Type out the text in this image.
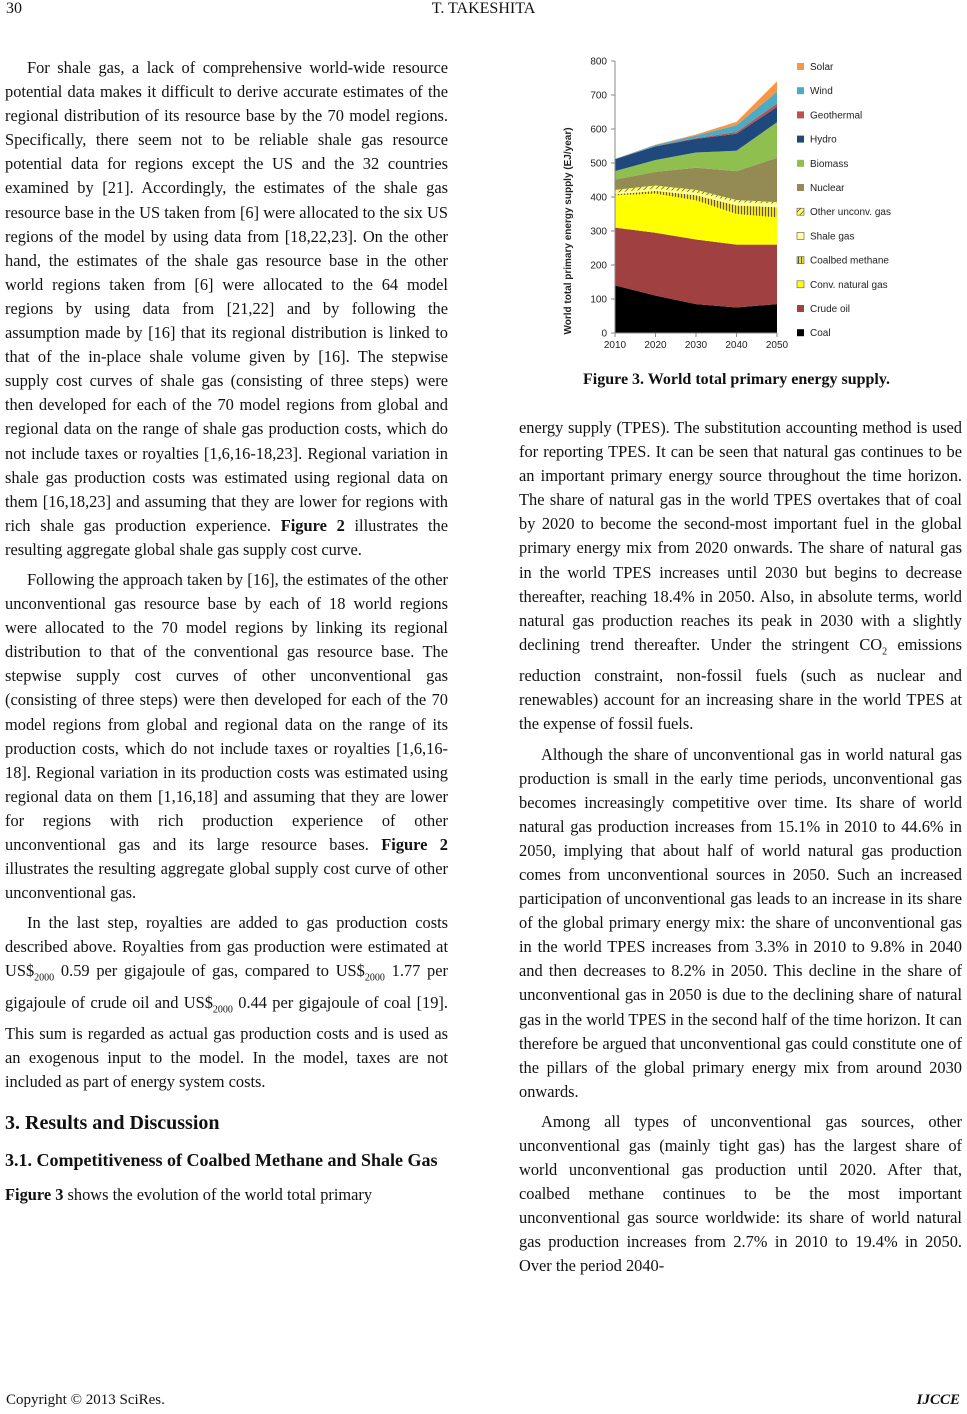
30	T. TAKESHITA

For shale gas, a lack of comprehensive world-wide resource potential data makes it difficult to derive accurate estimates of the regional distribution of its resource base by the 70 model regions. Specifically, there seem not to be reliable shale gas resource potential data for regions except the US and the 32 countries examined by [21]. Accordingly, the estimates of the shale gas resource base in the US taken from [6] were allocated to the six US regions of the model by using data from [18,22,23]. On the other hand, the estimates of the shale gas resource base in the other world regions taken from [6] were allocated to the 64 model regions by using data from [21,22] and by following the assumption made by [16] that its regional distribution is linked to that of the in-place shale volume given by [16]. The stepwise supply cost curves of shale gas (consisting of three steps) were then developed for each of the 70 model regions from global and regional data on the range of shale gas production costs, which do not include taxes or royalties [1,6,16-18,23]. Regional variation in shale gas production costs was estimated using regional data on them [16,18,23] and assuming that they are lower for regions with rich shale gas production experience. Figure 2 illustrates the resulting aggregate global shale gas supply cost curve.

Following the approach taken by [16], the estimates of the other unconventional gas resource base by each of 18 world regions were allocated to the 70 model regions by linking its regional distribution to that of the conventional gas resource base. The stepwise supply cost curves of other unconventional gas (consisting of three steps) were then developed for each of the 70 model regions from global and regional data on the range of its production costs, which do not include taxes or royalties [1,6,16-18]. Regional variation in its production costs was estimated using regional data on them [1,16,18] and assuming that they are lower for regions with rich production experience of other unconventional gas and its large resource bases. Figure 2 illustrates the resulting aggregate global supply cost curve of other unconventional gas.

In the last step, royalties are added to gas production costs described above. Royalties from gas production were estimated at $US\$_{2000}$ 0.59 per gigajoule of gas, compared to $US\$_{2000}$ 1.77 per gigajoule of crude oil and $US\$_{2000}$ 0.44 per gigajoule of coal [19]. This sum is regarded as actual gas production costs and is used as an exogenous input to the model. In the model, taxes are not included as part of energy system costs.

3. Results and Discussion
3.1. Competitiveness of Coalbed Methane and Shale Gas

Figure 3 shows the evolution of the world total primary

0
100
200
300
400
500
600
700
800
2010 2020 2030 2040 2050
Solar
Wind
Geothermal
Hydro
Biomass
Nuclear
Other unconv. gas
Shale gas
Coalbed methane
Conv. natural gas
Crude oil
Coal
World total primary energy supply (EJ/year)
Figure 3. World total primary energy supply.

energy supply (TPES). The substitution accounting method is used for reporting TPES. It can be seen that natural gas continues to be an important primary energy source throughout the time horizon. The share of natural gas in the world TPES overtakes that of coal by 2020 to become the second-most important fuel in the global primary energy mix from 2020 onwards. The share of natural gas in the world TPES increases until 2030 but begins to decrease thereafter, reaching 18.4% in 2050. Also, in absolute terms, world natural gas production reaches its peak in 2030 with a slightly declining trend thereafter. Under the stringent $CO_2$ emissions reduction constraint, non-fossil fuels (such as nuclear and renewables) account for an increasing share in the world TPES at the expense of fossil fuels.

Although the share of unconventional gas in world natural gas production is small in the early time periods, unconventional gas becomes increasingly competitive over time. Its share of world natural gas production increases from 15.1% in 2010 to 44.6% in 2050, implying that about half of world natural gas production comes from unconventional sources in 2050. Such an increased participation of unconventional gas leads to an increase in its share of the global primary energy mix: the share of unconventional gas in the world TPES increases from 3.3% in 2010 to 9.8% in 2040 and then decreases to 8.2% in 2050. This decline in the share of unconventional gas in 2050 is due to the declining share of natural gas in the world TPES in the second half of the time horizon. It can therefore be argued that unconventional gas could constitute one of the pillars of the global primary energy mix from around 2030 onwards.

Among all types of unconventional gas sources, other unconventional gas (mainly tight gas) has the largest share of world unconventional gas production until 2020. After that, coalbed methane continues to be the most important unconventional gas source worldwide: its share of world natural gas production increases from 2.7% in 2010 to 19.4% in 2050. Over the period 2040-

Copyright © 2013 SciRes.	IJCCE
